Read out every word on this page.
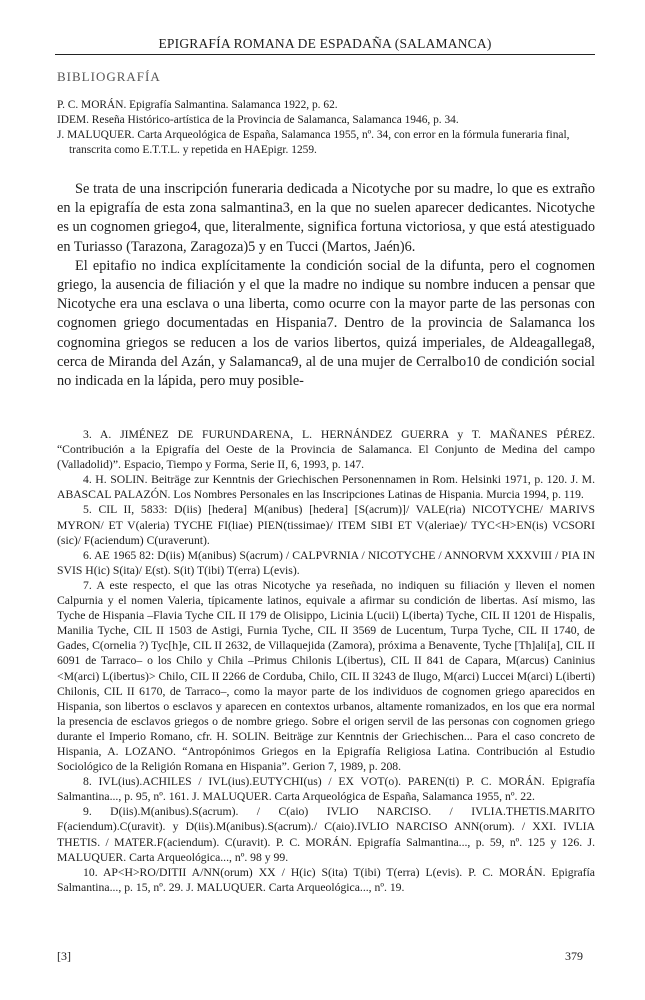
EPIGRAFÍA ROMANA DE ESPADAÑA (SALAMANCA)
BIBLIOGRAFÍA
P. C. MORÁN. Epigrafía Salmantina. Salamanca 1922, p. 62.
IDEM. Reseña Histórico-artística de la Provincia de Salamanca, Salamanca 1946, p. 34.
J. MALUQUER. Carta Arqueológica de España, Salamanca 1955, nº. 34, con error en la fórmula funeraria final, transcrita como E.T.T.L. y repetida en HAEpigr. 1259.

Se trata de una inscripción funeraria dedicada a Nicotyche por su madre, lo que es extraño en la epigrafía de esta zona salmantina3, en la que no suelen aparecer dedicantes. Nicotyche es un cognomen griego4, que, literalmente, significa fortuna victoriosa, y que está atestiguado en Turiasso (Tarazona, Zaragoza)5 y en Tucci (Martos, Jaén)6.

El epitafio no indica explícitamente la condición social de la difunta, pero el cognomen griego, la ausencia de filiación y el que la madre no indique su nombre inducen a pensar que Nicotyche era una esclava o una liberta, como ocurre con la mayor parte de las personas con cognomen griego documentadas en Hispania7. Dentro de la provincia de Salamanca los cognomina griegos se reducen a los de varios libertos, quizá imperiales, de Aldeagallega8, cerca de Miranda del Azán, y Salamanca9, al de una mujer de Cerralbo10 de condición social no indicada en la lápida, pero muy posible-

3. A. JIMÉNEZ DE FURUNDARENA, L. HERNÁNDEZ GUERRA y T. MAÑANES PÉREZ. “Contribución a la Epigrafía del Oeste de la Provincia de Salamanca. El Conjunto de Medina del campo (Valladolid)”. Espacio, Tiempo y Forma, Serie II, 6, 1993, p. 147.

4. H. SOLIN. Beiträge zur Kenntnis der Griechischen Personennamen in Rom. Helsinki 1971, p. 120. J. M. ABASCAL PALAZÓN. Los Nombres Personales en las Inscripciones Latinas de Hispania. Murcia 1994, p. 119.

5. CIL II, 5833: D(iis) [hedera] M(anibus) [hedera] [S(acrum)]/ VALE(ria) NICOTYCHE/ MARIVS MYRON/ ET V(aleria) TYCHE FI(liae) PIEN(tissimae)/ ITEM SIBI ET V(aleriae)/ TYC<H>EN(is) VCSORI (sic)/ F(aciendum) C(uraverunt).

6. AE 1965 82: D(iis) M(anibus) S(acrum) / CALPVRNIA / NICOTYCHE / ANNORVM XXXVIII / PIA IN SVIS H(ic) S(ita)/ E(st). S(it) T(ibi) T(erra) L(evis).

7. A este respecto, el que las otras Nicotyche ya reseñada, no indiquen su filiación y lleven el nomen Calpurnia y el nomen Valeria, típicamente latinos, equivale a afirmar su condición de libertas. Así mismo, las Tyche de Hispania –Flavia Tyche CIL II 179 de Olisippo, Licinia L(ucii) L(iberta) Tyche, CIL II 1201 de Hispalis, Manilia Tyche, CIL II 1503 de Astigi, Furnia Tyche, CIL II 3569 de Lucentum, Turpa Tyche, CIL II 1740, de Gades, C(ornelia ?) Tyc[h]e, CIL II 2632, de Villaquejida (Zamora), próxima a Benavente, Tyche [Th]ali[a], CIL II 6091 de Tarraco– o los Chilo y Chila –Primus Chilonis L(ibertus), CIL II 841 de Capara, M(arcus) Caninius <M(arci) L(ibertus)> Chilo, CIL II 2266 de Corduba, Chilo, CIL II 3243 de Ilugo, M(arci) Luccei M(arci) L(iberti) Chilonis, CIL II 6170, de Tarraco–, como la mayor parte de los individuos de cognomen griego aparecidos en Hispania, son libertos o esclavos y aparecen en contextos urbanos, altamente romanizados, en los que era normal la presencia de esclavos griegos o de nombre griego. Sobre el origen servil de las personas con cognomen griego durante el Imperio Romano, cfr. H. SOLIN. Beiträge zur Kenntnis der Griechischen... Para el caso concreto de Hispania, A. LOZANO. “Antropónimos Griegos en la Epigrafía Religiosa Latina. Contribución al Estudio Sociológico de la Religión Romana en Hispania”. Gerion 7, 1989, p. 208.

8. IVL(ius).ACHILES / IVL(ius).EUTYCHI(us) / EX VOT(o). PAREN(ti) P. C. MORÁN. Epigrafía Salmantina..., p. 95, nº. 161. J. MALUQUER. Carta Arqueológica de España, Salamanca 1955, nº. 22.

9. D(iis).M(anibus).S(acrum). / C(aio) IVLIO NARCISO. / IVLIA.THETIS.MARITO F(aciendum).C(uravit). y D(iis).M(anibus).S(acrum)./ C(aio).IVLIO NARCISO ANN(orum). / XXI. IVLIA THETIS. / MATER.F(aciendum). C(uravit). P. C. MORÁN. Epigrafía Salmantina..., p. 59, nº. 125 y 126. J. MALUQUER. Carta Arqueológica..., nº. 98 y 99.

10. AP<H>RO/DITII A/NN(orum) XX / H(ic) S(ita) T(ibi) T(erra) L(evis). P. C. MORÁN. Epigrafía Salmantina..., p. 15, nº. 29. J. MALUQUER. Carta Arqueológica..., nº. 19.

[3]	379
